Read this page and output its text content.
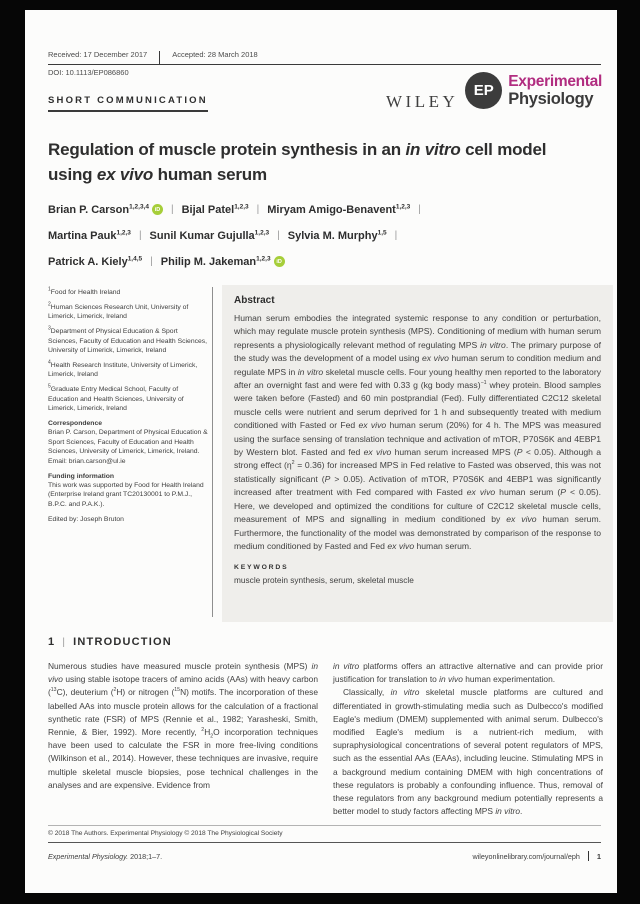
Received: 17 December 2017	Accepted: 28 March 2018
DOI: 10.1113/EP086860
SHORT COMMUNICATION	WILEY
EP
Experimental
Physiology
Regulation of muscle protein synthesis in an in vitro cell model
using ex vivo human serum
Brian P. Carson$^{1,2,3,4}$ iD | Bijal Patel$^{1,2,3}$ | Miryam Amigo-Benavent$^{1,2,3}$ |
Martina Pauk$^{1,2,3}$ | Sunil Kumar Gujulla$^{1,2,3}$ | Sylvia M. Murphy$^{1,5}$ |
Patrick A. Kiely$^{1,4,5}$ | Philip M. Jakeman$^{1,2,3}$ iD
$^1$Food for Health Ireland
$^2$Human Sciences Research Unit, University of Limerick, Limerick, Ireland
$^3$Department of Physical Education & Sport Sciences, Faculty of Education and Health Sciences, University of Limerick, Limerick, Ireland
$^4$Health Research Institute, University of Limerick, Limerick, Ireland
$^5$Graduate Entry Medical School, Faculty of Education and Health Sciences, University of Limerick, Limerick, Ireland
Correspondence
Brian P. Carson, Department of Physical Education & Sport Sciences, Faculty of Education and Health Sciences, University of Limerick, Limerick, Ireland.
Email: brian.carson@ul.ie
Funding information
This work was supported by Food for Health Ireland (Enterprise Ireland grant TC20130001 to P.M.J., B.P.C. and P.A.K.).
Edited by: Joseph Bruton
Abstract
Human serum embodies the integrated systemic response to any condition or perturbation, which may regulate muscle protein synthesis (MPS). Conditioning of medium with human serum represents a physiologically relevant method of regulating MPS in vitro. The primary purpose of the study was the development of a model using ex vivo human serum to condition medium and regulate MPS in in vitro skeletal muscle cells. Four young healthy men reported to the laboratory after an overnight fast and were fed with 0.33 g (kg body mass)$^{-1}$ whey protein. Blood samples were taken before (Fasted) and 60 min postprandial (Fed). Fully differentiated C2C12 skeletal muscle cells were nutrient and serum deprived for 1 h and subsequently treated with medium conditioned with Fasted or Fed ex vivo human serum (20%) for 4 h. The MPS was measured using the surface sensing of translation technique and activation of mTOR, P70S6K and 4EBP1 by Western blot. Fasted and fed ex vivo human serum increased MPS (P < 0.05). Although a strong effect $(\eta^2 = 0.36)$ for increased MPS in Fed relative to Fasted was observed, this was not statistically significant (P > 0.05). Activation of mTOR, P70S6K and 4EBP1 was significantly increased after treatment with Fed compared with Fasted ex vivo human serum (P < 0.05). Here, we developed and optimized the conditions for culture of C2C12 skeletal muscle cells, measurement of MPS and signalling in medium conditioned by ex vivo human serum. Furthermore, the functionality of the model was demonstrated by comparison of the response to medium conditioned by Fasted and Fed ex vivo human serum.
KEYWORDS
muscle protein synthesis, serum, skeletal muscle
1 | INTRODUCTION

Numerous studies have measured muscle protein synthesis (MPS) in vivo using stable isotope tracers of amino acids (AAs) with heavy carbon ($^{13}$C), deuterium ($^2$H) or nitrogen ($^{15}$N) motifs. The incorporation of these labelled AAs into muscle protein allows for the calculation of a fractional synthetic rate (FSR) of MPS (Rennie et al., 1982; Yarasheski, Smith, Rennie, & Bier, 1992). More recently, $^2H_2O$ incorporation techniques have been used to calculate the FSR in more free-living conditions (Wilkinson et al., 2014). However, these techniques are invasive, require multiple skeletal muscle biopsies, pose technical challenges in the analyses and are expensive. Evidence from

in vitro platforms offers an attractive alternative and can provide prior justification for translation to in vivo human experimentation.

Classically, in vitro skeletal muscle platforms are cultured and differentiated in growth-stimulating media such as Dulbecco's modified Eagle's medium (DMEM) supplemented with animal serum. Dulbecco's modified Eagle's medium is a nutrient-rich medium, with supraphysiological concentrations of several potent regulators of MPS, such as the essential AAs (EAAs), including leucine. Stimulating MPS in a background medium containing DMEM with high concentrations of these regulators is probably a confounding influence. Thus, removal of these regulators from any background medium potentially represents a better model to study factors affecting MPS in vitro.

© 2018 The Authors. Experimental Physiology © 2018 The Physiological Society
Experimental Physiology. 2018;1–7.	wileyonlinelibrary.com/journal/eph 1
